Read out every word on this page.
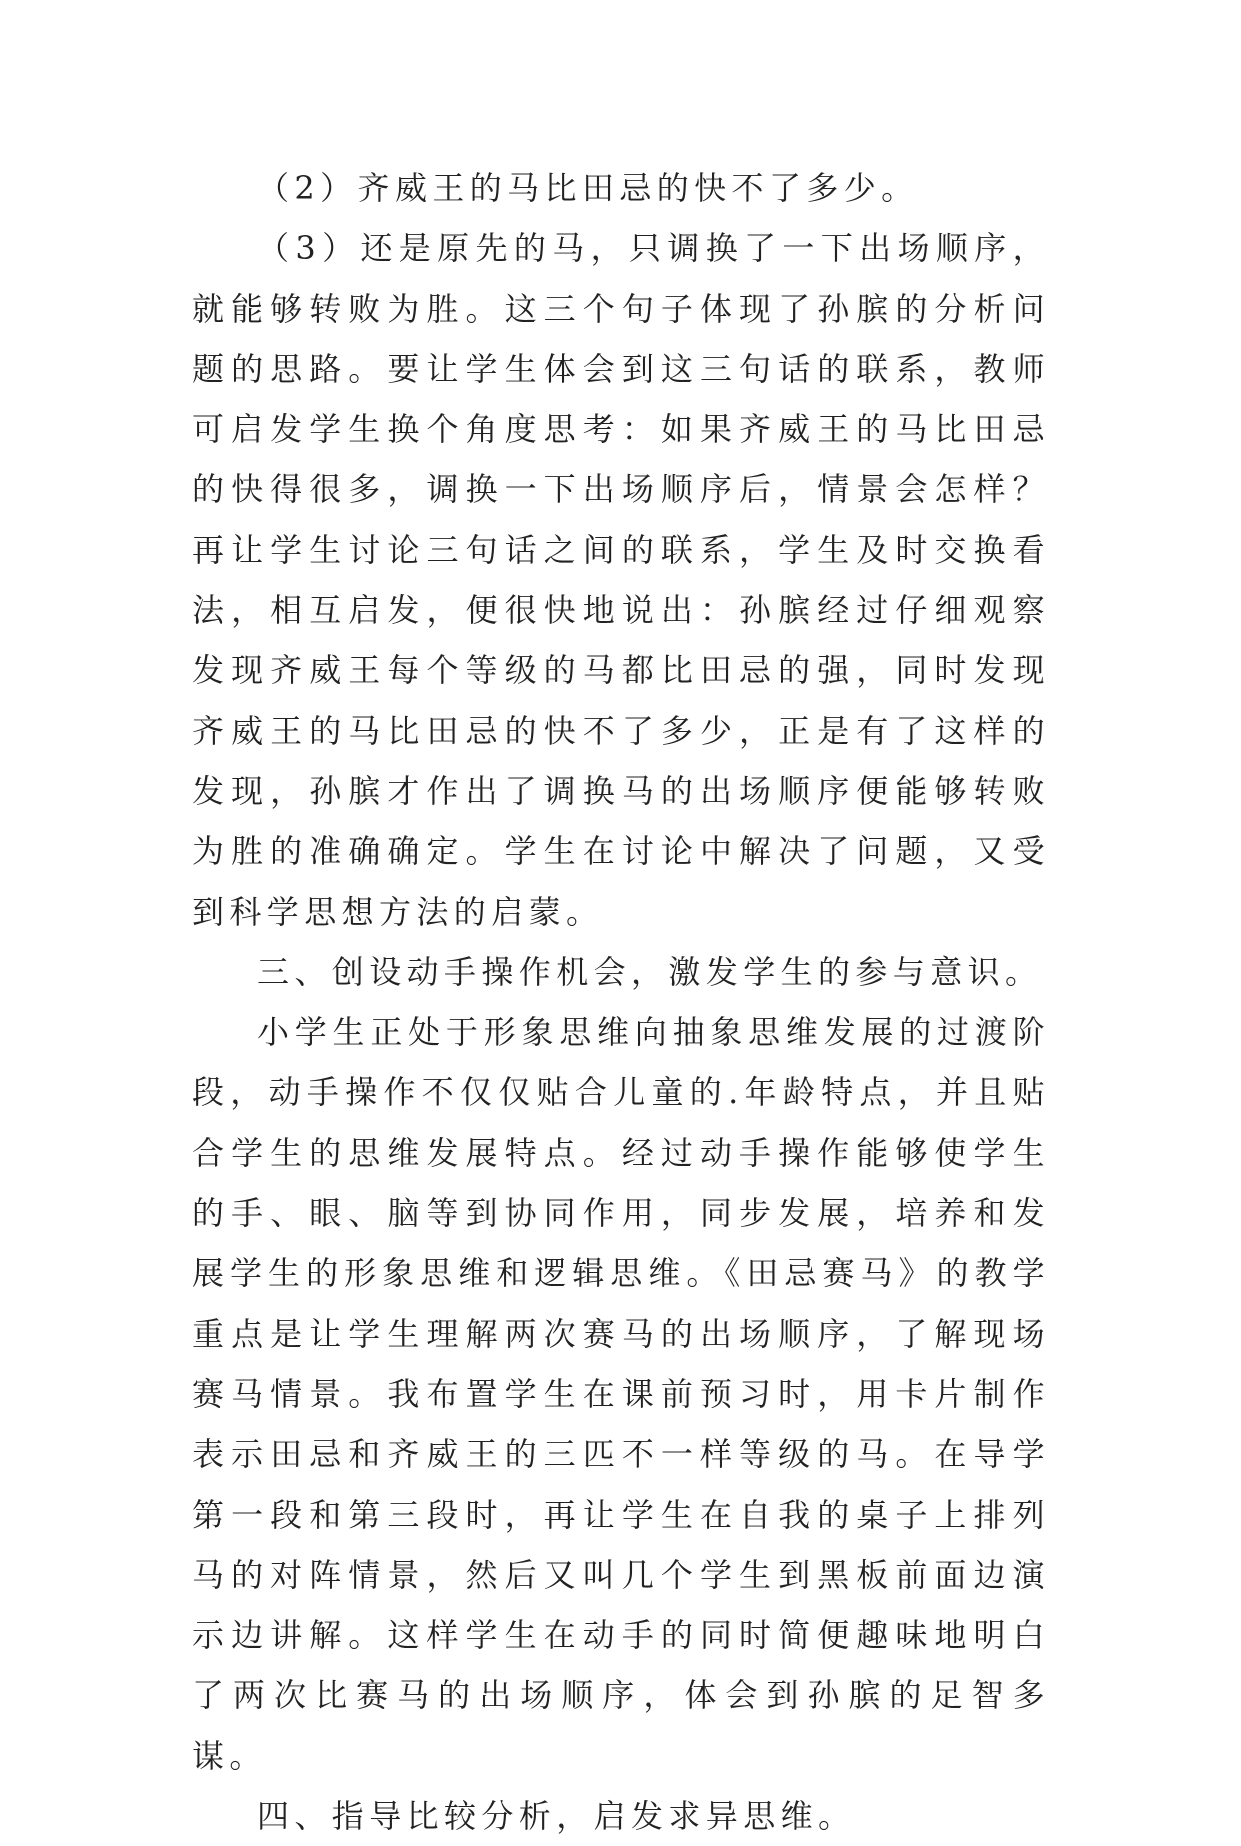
（2）齐威王的马比田忌的快不了多少。

（3）还是原先的马，只调换了一下出场顺序，就能够转败为胜。这三个句子体现了孙膑的分析问题的思路。要让学生体会到这三句话的联系，教师可启发学生换个角度思考：如果齐威王的马比田忌的快得很多，调换一下出场顺序后，情景会怎样？再让学生讨论三句话之间的联系，学生及时交换看法，相互启发，便很快地说出：孙膑经过仔细观察发现齐威王每个等级的马都比田忌的强，同时发现齐威王的马比田忌的快不了多少，正是有了这样的发现，孙膑才作出了调换马的出场顺序便能够转败为胜的准确确定。学生在讨论中解决了问题，又受到科学思想方法的启蒙。

三、创设动手操作机会，激发学生的参与意识。

小学生正处于形象思维向抽象思维发展的过渡阶段，动手操作不仅仅贴合儿童的.年龄特点，并且贴合学生的思维发展特点。经过动手操作能够使学生的手、眼、脑等到协同作用，同步发展，培养和发展学生的形象思维和逻辑思维。《田忌赛马》的教学重点是让学生理解两次赛马的出场顺序，了解现场赛马情景。我布置学生在课前预习时，用卡片制作表示田忌和齐威王的三匹不一样等级的马。在导学第一段和第三段时，再让学生在自我的桌子上排列马的对阵情景，然后又叫几个学生到黑板前面边演示边讲解。这样学生在动手的同时简便趣味地明白了两次比赛马的出场顺序，体会到孙膑的足智多谋。

四、指导比较分析，启发求异思维。
